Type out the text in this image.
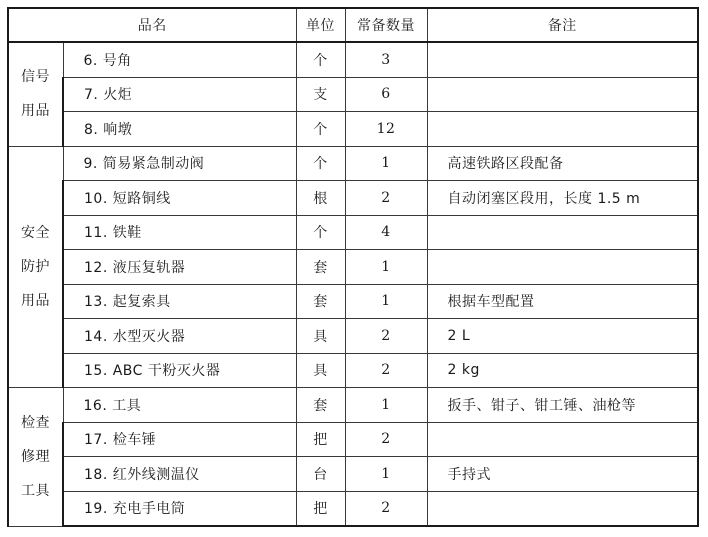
品名		单位	常备数量	备注

信号
用品	6. 号角	个	3	
	7. 火炬	支	6	
	8. 响墩	个	12	

安全
防护
用品	9. 简易紧急制动阀	个	1	高速铁路区段配备
	10. 短路铜线	根	2	自动闭塞区段用，长度 1.5 m
	11. 铁鞋	个	4	
	12. 液压复轨器	套	1	
	13. 起复索具	套	1	根据车型配置
	14. 水型灭火器	具	2	2 L
	15. ABC 干粉灭火器	具	2	2 kg

检查
修理
工具	16. 工具	套	1	扳手、钳子、钳工锤、油枪等
	17. 检车锤	把	2	
	18. 红外线测温仪	台	1	手持式
	19. 充电手电筒	把	2	
